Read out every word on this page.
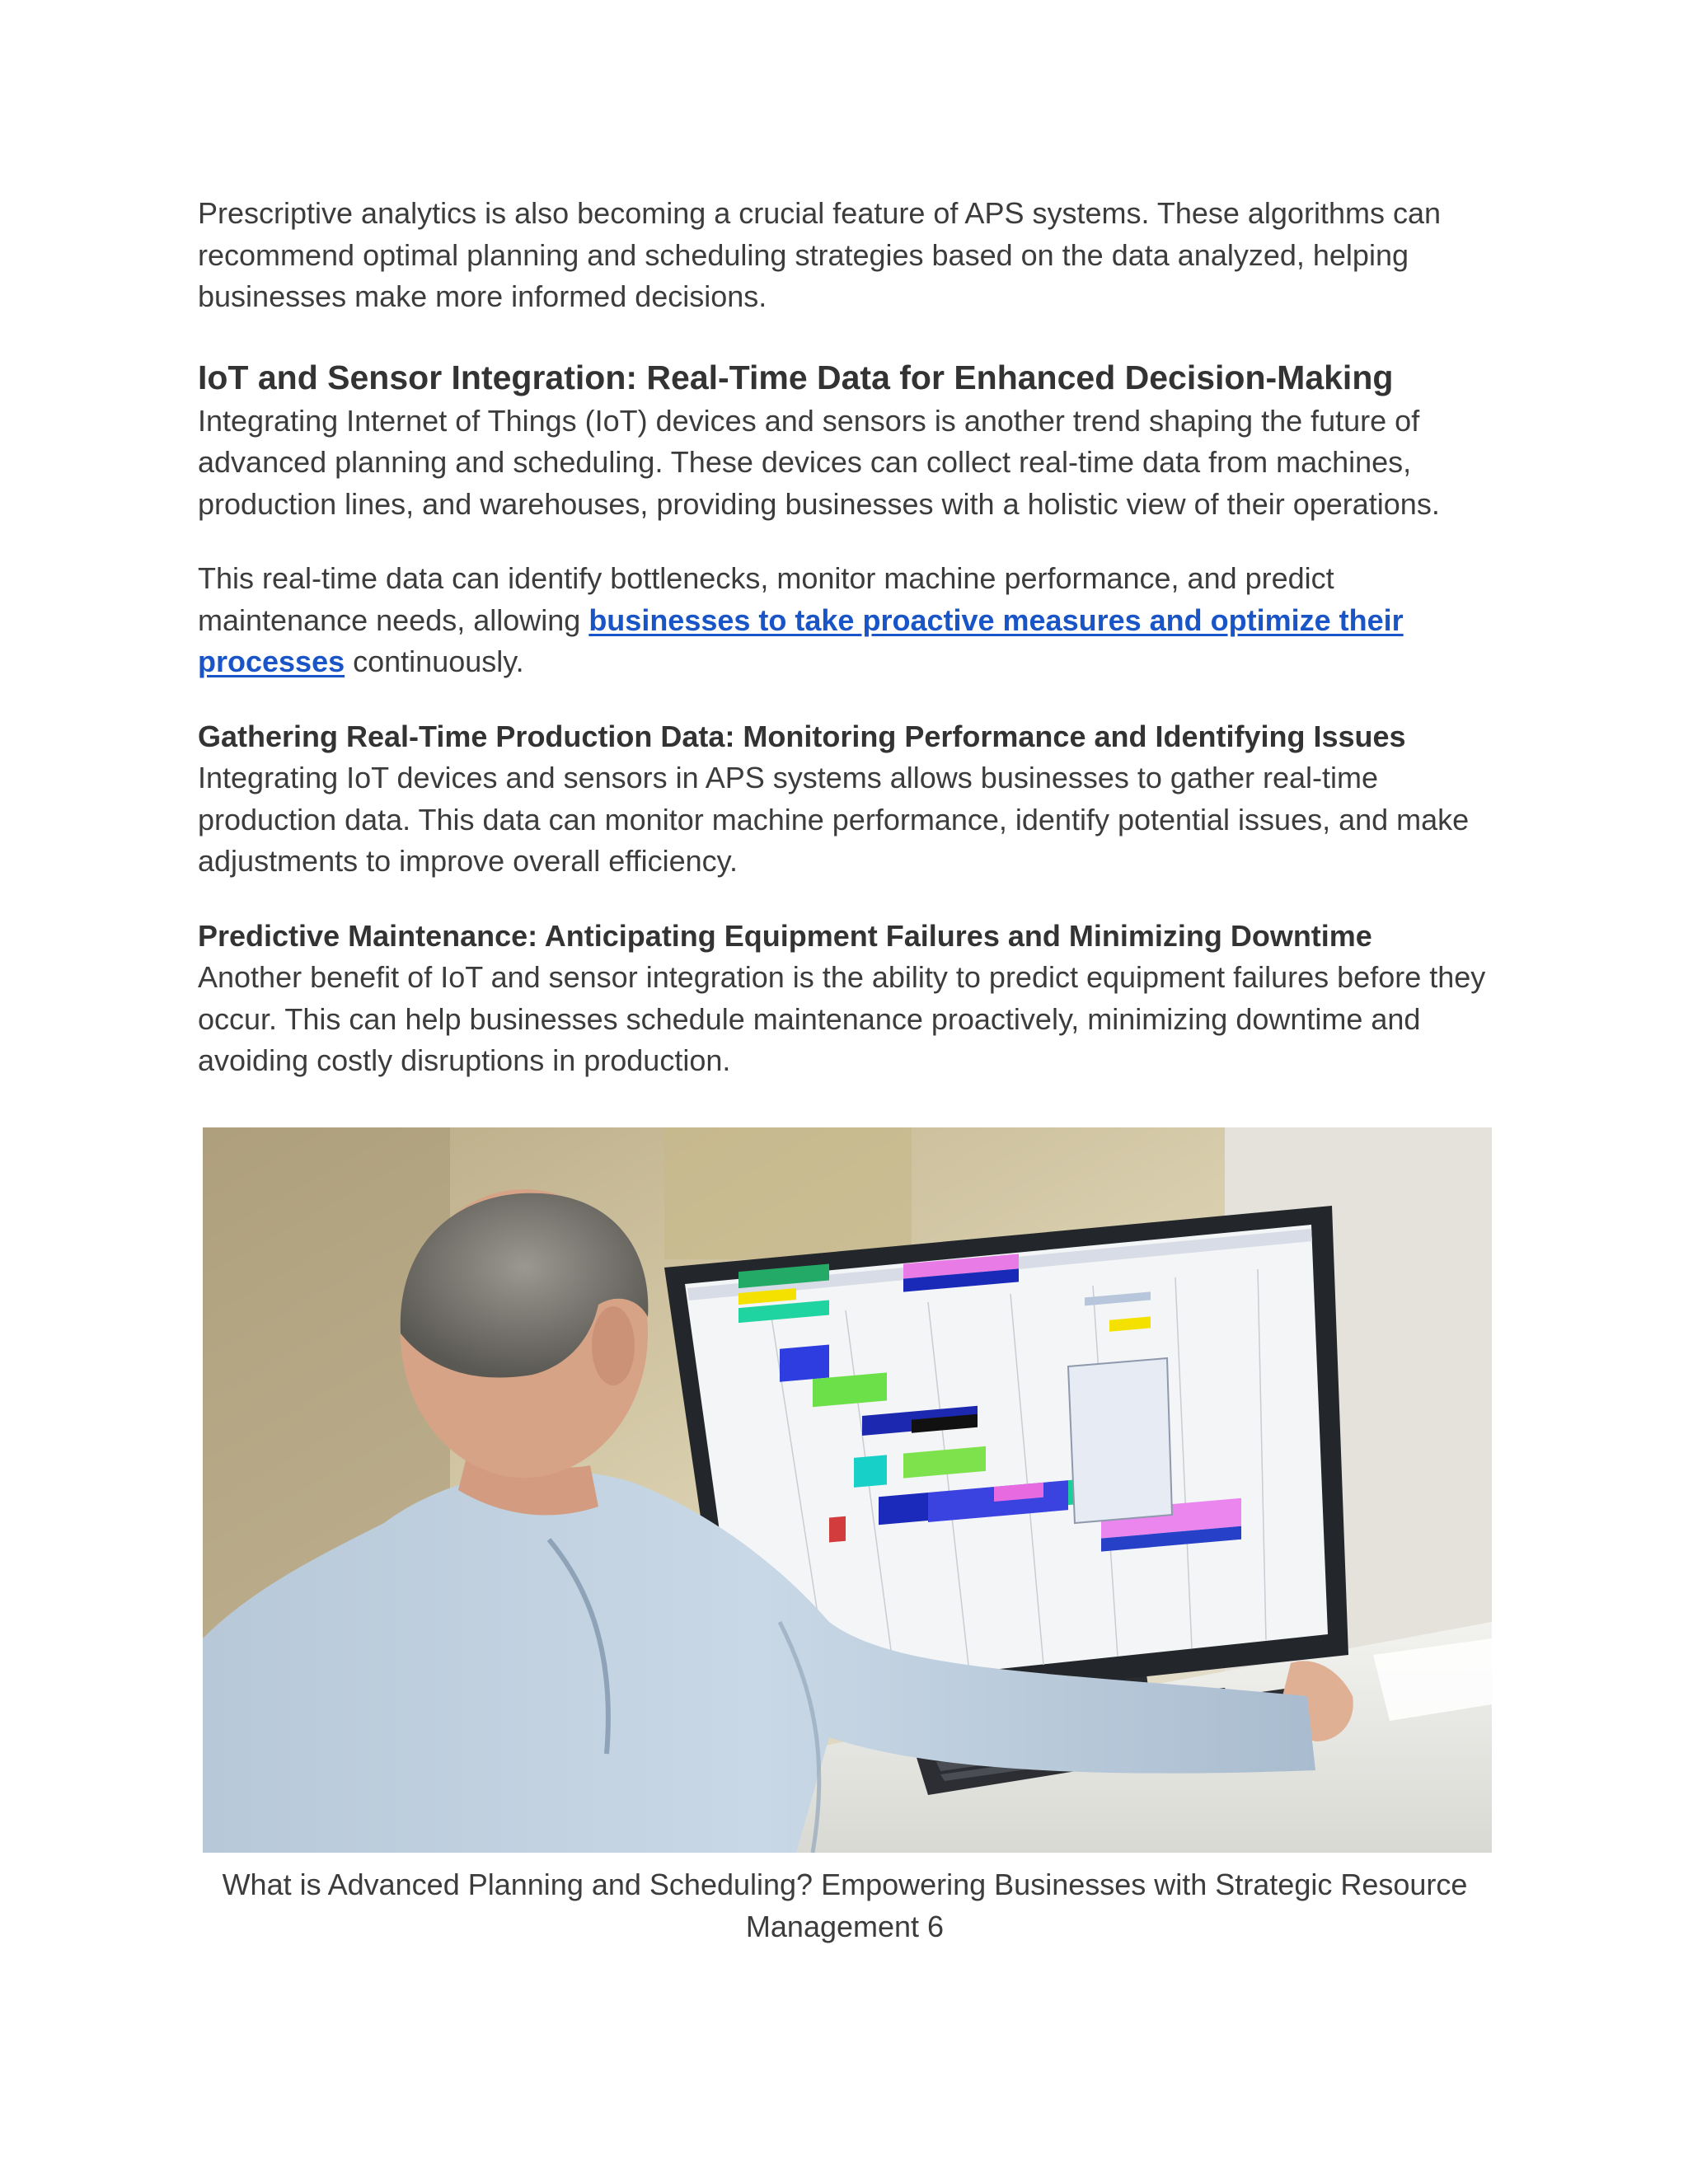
Prescriptive analytics is also becoming a crucial feature of APS systems. These algorithms can recommend optimal planning and scheduling strategies based on the data analyzed, helping businesses make more informed decisions.

IoT and Sensor Integration: Real-Time Data for Enhanced Decision-Making

Integrating Internet of Things (IoT) devices and sensors is another trend shaping the future of advanced planning and scheduling. These devices can collect real-time data from machines, production lines, and warehouses, providing businesses with a holistic view of their operations.

This real-time data can identify bottlenecks, monitor machine performance, and predict maintenance needs, allowing businesses to take proactive measures and optimize their processes continuously.

Gathering Real-Time Production Data: Monitoring Performance and Identifying Issues

Integrating IoT devices and sensors in APS systems allows businesses to gather real-time production data. This data can monitor machine performance, identify potential issues, and make adjustments to improve overall efficiency.

Predictive Maintenance: Anticipating Equipment Failures and Minimizing Downtime

Another benefit of IoT and sensor integration is the ability to predict equipment failures before they occur. This can help businesses schedule maintenance proactively, minimizing downtime and avoiding costly disruptions in production.

What is Advanced Planning and Scheduling? Empowering Businesses with Strategic Resource Management 6
